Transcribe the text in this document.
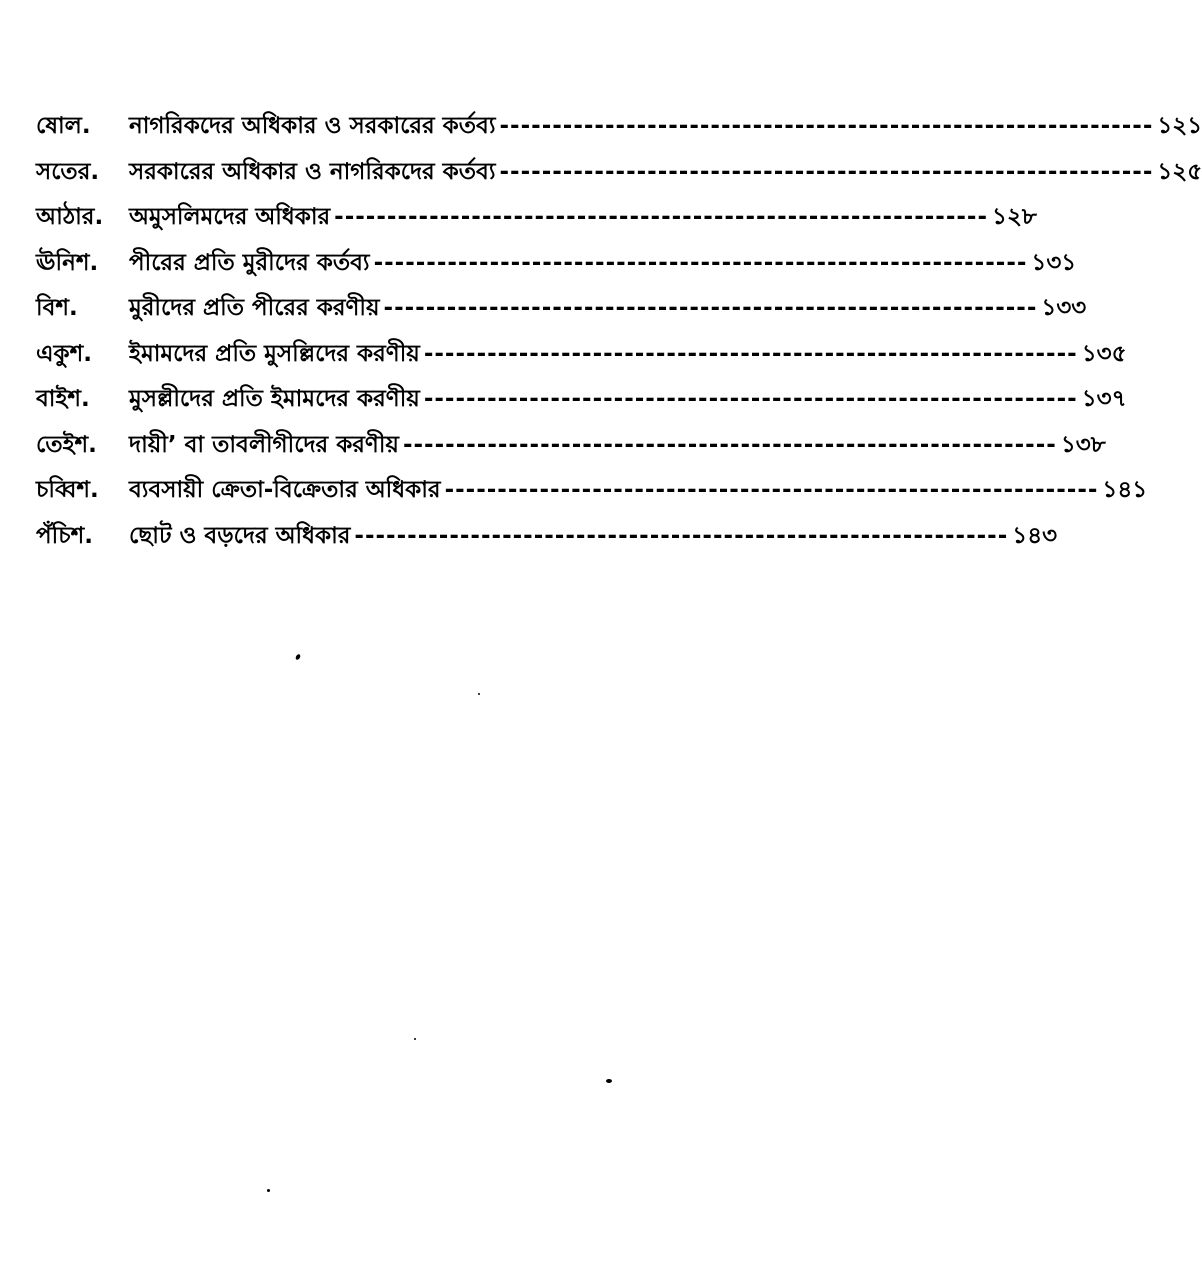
ষোল.	নাগরিকদের অধিকার ও সরকারের কর্তব্য -------------------------------------------------------------- ১২১
সতের.	সরকারের অধিকার ও নাগরিকদের কর্তব্য -------------------------------------------------------------- ১২৫
আঠার.	অমুসলিমদের অধিকার -------------------------------------------------------------- ১২৮
ঊনিশ.	পীরের প্রতি মুরীদের কর্তব্য -------------------------------------------------------------- ১৩১
বিশ.	মুরীদের প্রতি পীরের করণীয় -------------------------------------------------------------- ১৩৩
একুশ.	ইমামদের প্রতি মুসল্লিদের করণীয় -------------------------------------------------------------- ১৩৫
বাইশ.	মুসল্লীদের প্রতি ইমামদের করণীয় -------------------------------------------------------------- ১৩৭
তেইশ.	দায়ী’ বা তাবলীগীদের করণীয় -------------------------------------------------------------- ১৩৮
চব্বিশ.	ব্যবসায়ী ক্রেতা-বিক্রেতার অধিকার -------------------------------------------------------------- ১৪১
পঁচিশ.	ছোট ও বড়দের অধিকার -------------------------------------------------------------- ১৪৩
